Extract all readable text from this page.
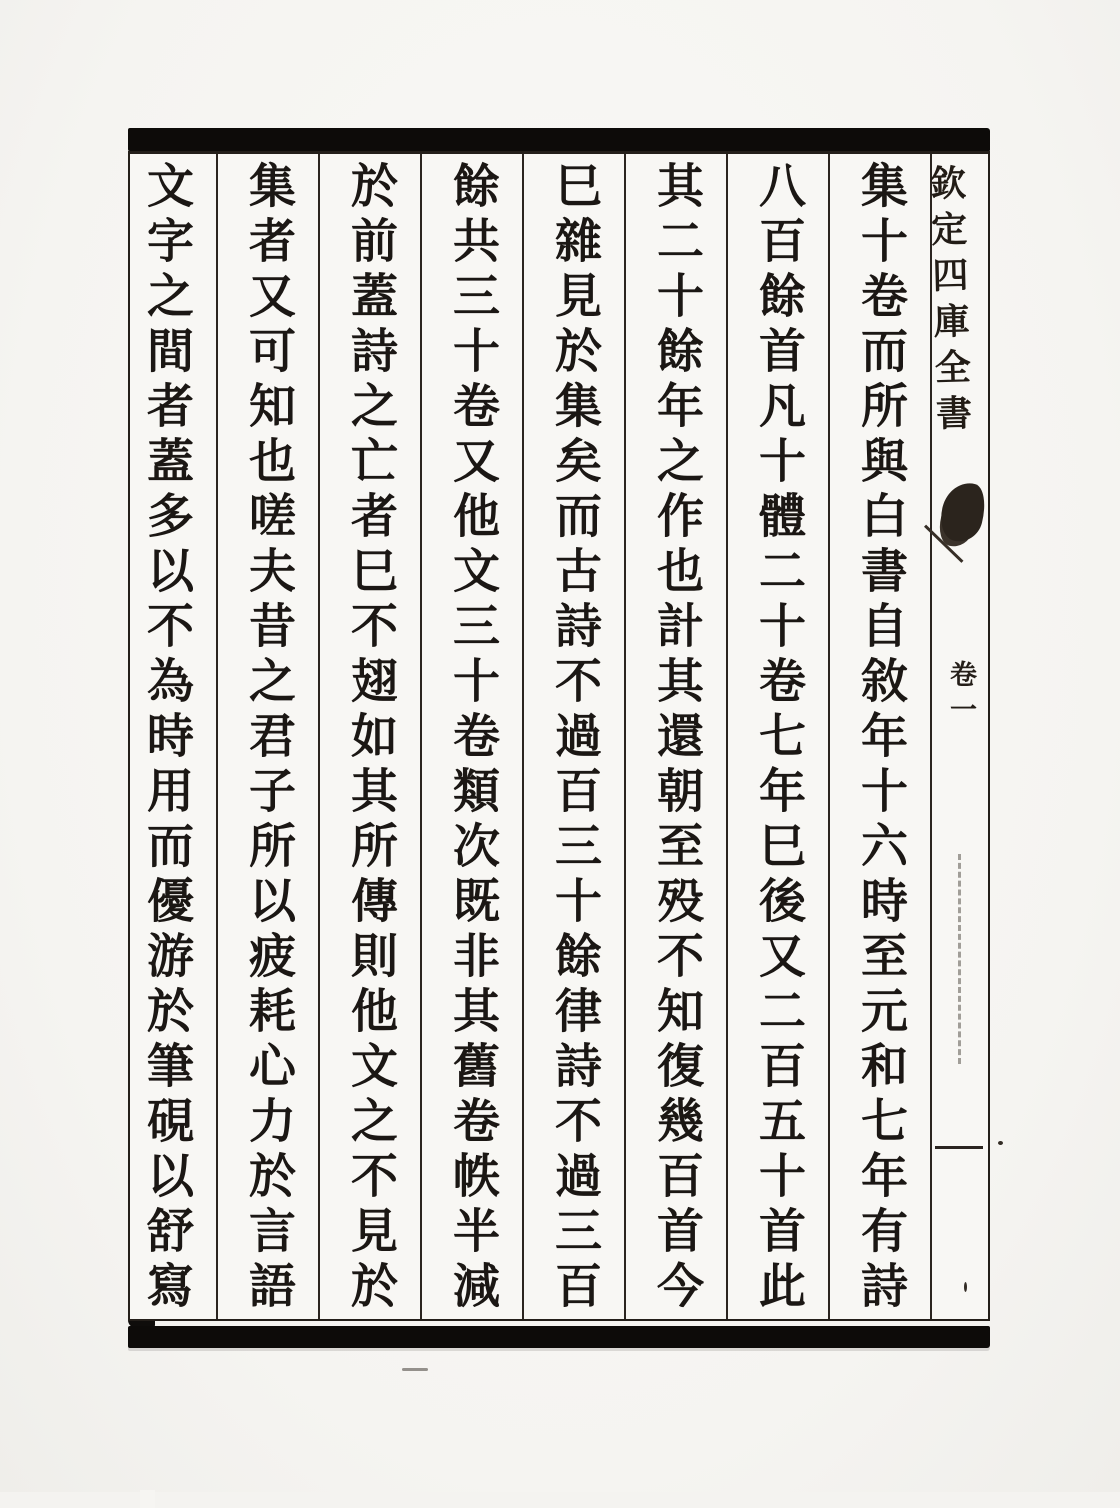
欽定四庫全書
卷一
集十卷而所與白書自敘年十六時至元和七年有詩
八百餘首凡十體二十卷七年巳後又二百五十首此
其二十餘年之作也計其還朝至殁不知復幾百首今
巳雜見於集矣而古詩不過百三十餘律詩不過三百
餘共三十卷又他文三十卷類次既非其舊卷帙半減
於前蓋詩之亡者巳不翅如其所傳則他文之不見於
集者又可知也嗟夫昔之君子所以疲耗心力於言語
文字之間者蓋多以不為時用而優游於筆硯以舒寫
